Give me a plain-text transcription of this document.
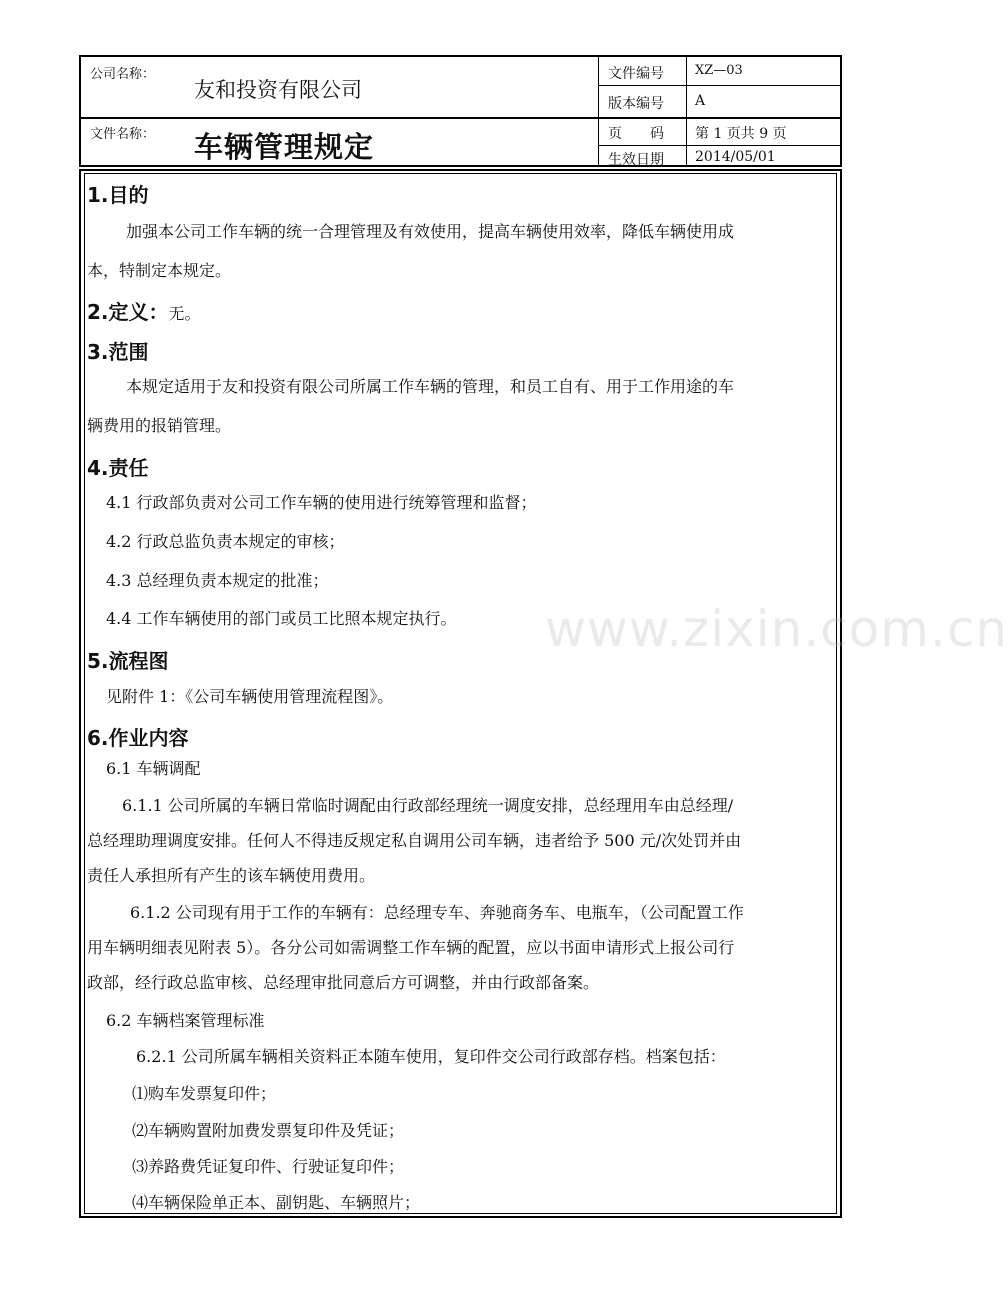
公司名称：
友和投资有限公司
文件名称： 车辆管理规定
文件编号 XZ—03
版本编号 A
页　　码 第 1 页共 9 页
生效日期 2014/05/01
www.zixin.com.cn
1.目的
加强本公司工作车辆的统一合理管理及有效使用，提高车辆使用效率，降低车辆使用成
本，特制定本规定。
2.定义：无。
3.范围
本规定适用于友和投资有限公司所属工作车辆的管理，和员工自有、用于工作用途的车
辆费用的报销管理。
4.责任
4.1 行政部负责对公司工作车辆的使用进行统筹管理和监督；
4.2 行政总监负责本规定的审核；
4.3 总经理负责本规定的批准；
4.4 工作车辆使用的部门或员工比照本规定执行。
5.流程图
见附件 1：《公司车辆使用管理流程图》。
6.作业内容
6.1 车辆调配
6.1.1 公司所属的车辆日常临时调配由行政部经理统一调度安排，总经理用车由总经理/
总经理助理调度安排。任何人不得违反规定私自调用公司车辆，违者给予 500 元/次处罚并由
责任人承担所有产生的该车辆使用费用。
6.1.2 公司现有用于工作的车辆有：总经理专车、奔驰商务车、电瓶车，（公司配置工作
用车辆明细表见附表 5）。各分公司如需调整工作车辆的配置，应以书面申请形式上报公司行
政部，经行政总监审核、总经理审批同意后方可调整，并由行政部备案。
6.2 车辆档案管理标准
6.2.1 公司所属车辆相关资料正本随车使用，复印件交公司行政部存档。档案包括：
⑴购车发票复印件；
⑵车辆购置附加费发票复印件及凭证；
⑶养路费凭证复印件、行驶证复印件；
⑷车辆保险单正本、副钥匙、车辆照片；
